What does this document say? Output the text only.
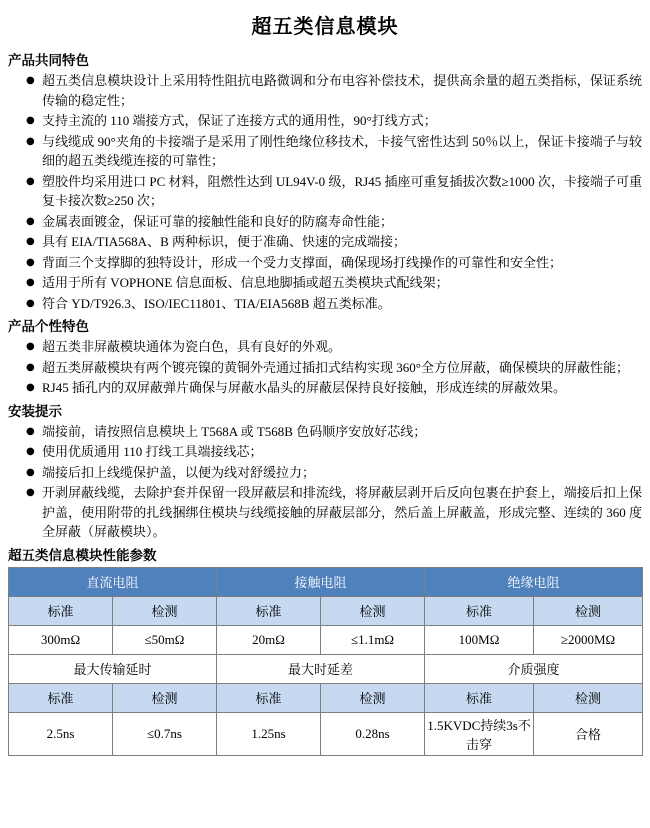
超五类信息模块
产品共同特色
● 超五类信息模块设计上采用特性阻抗电路微调和分布电容补偿技术，提供高余量的超五类指标，保证系统传输的稳定性；
● 支持主流的 110 端接方式，保证了连接方式的通用性，90°打线方式；
● 与线缆成 90°夹角的卡接端子是采用了刚性绝缘位移技术，卡接气密性达到 50％以上，保证卡接端子与较细的超五类线缆连接的可靠性；
● 塑胶件均采用进口 PC 材料，阻燃性达到 UL94V-0 级，RJ45 插座可重复插拔次数≥1000 次，卡接端子可重复卡接次数≥250 次；
● 金属表面镀金，保证可靠的接触性能和良好的防腐寿命性能；
● 具有 EIA/TIA568A、B 两种标识，便于准确、快速的完成端接；
● 背面三个支撑脚的独特设计，形成一个受力支撑面，确保现场打线操作的可靠性和安全性；
● 适用于所有 VOPHONE 信息面板、信息地脚插或超五类模块式配线架；
● 符合 YD/T926.3、ISO/IEC11801、TIA/EIA568B 超五类标准。
产品个性特色
● 超五类非屏蔽模块通体为瓷白色，具有良好的外观。
● 超五类屏蔽模块有两个镀亮镍的黄铜外壳通过插扣式结构实现 360°全方位屏蔽，确保模块的屏蔽性能；
● RJ45 插孔内的双屏蔽弹片确保与屏蔽水晶头的屏蔽层保持良好接触，形成连续的屏蔽效果。
安装提示
● 端接前，请按照信息模块上 T568A 或 T568B 色码顺序安放好芯线；
● 使用优质通用 110 打线工具端接线芯；
● 端接后扣上线缆保护盖，以便为线对舒缓拉力；
● 开剥屏蔽线缆，去除护套并保留一段屏蔽层和排流线，将屏蔽层剥开后反向包裹在护套上，端接后扣上保护盖，使用附带的扎线捆绑住模块与线缆接触的屏蔽层部分，然后盖上屏蔽盖，形成完整、连续的 360 度全屏蔽（屏蔽模块）。
超五类信息模块性能参数
直流电阻		接触电阻		绝缘电阻	
标准	检测	标准	检测	标准	检测
300mΩ	≤50mΩ	20mΩ	≤1.1mΩ	100MΩ	≥2000MΩ
最大传输延时		最大时延差		介质强度	
标准	检测	标准	检测	标准	检测
2.5ns	≤0.7ns	1.25ns	0.28ns	1.5KVDC持续3s不击穿	合格
